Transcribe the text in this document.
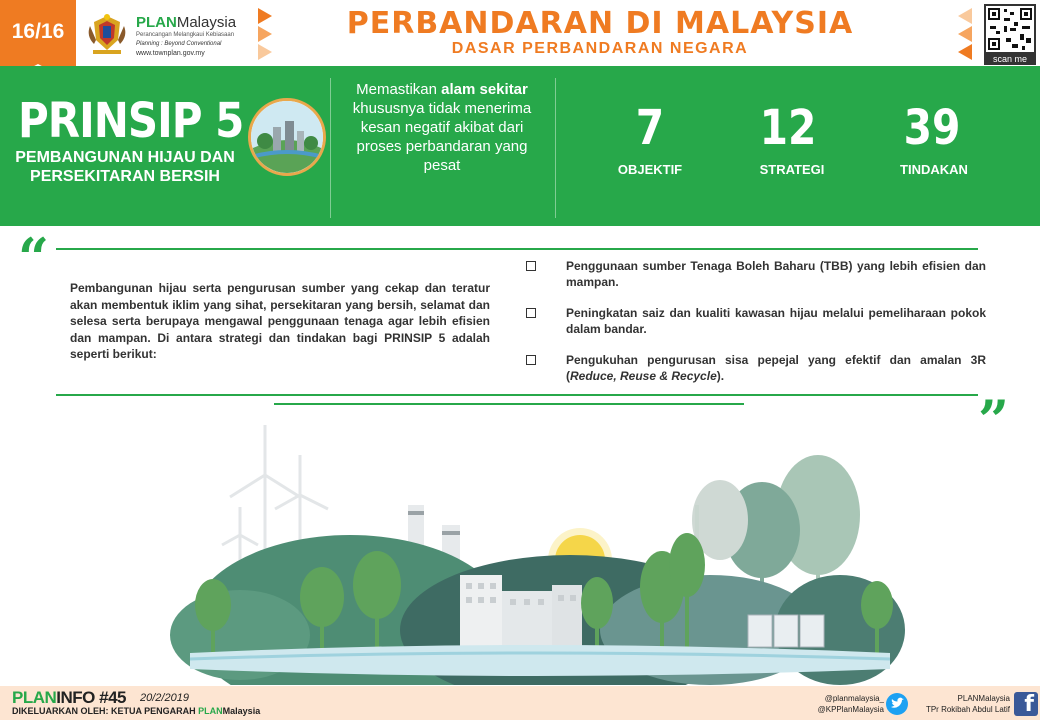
16/16	PLANMalaysia
Perancangan Melangkaui Kebiasaan
Planning : Beyond Conventional
www.townplan.gov.my
PERBANDARAN DI MALAYSIA
DASAR PERBANDARAN NEGARA
scan me
PRINSIP 5
PEMBANGUNAN HIJAU DAN PERSEKITARAN BERSIH
Memastikan alam sekitar khususnya tidak menerima kesan negatif akibat dari proses perbandaran yang pesat
7
OBJEKTIF
12
STRATEGI
39
TINDAKAN
“ Pembangunan hijau serta pengurusan sumber yang cekap dan teratur akan membentuk iklim yang sihat, persekitaran yang bersih, selamat dan selesa serta berupaya mengawal penggunaan tenaga agar lebih efisien dan mampan. Di antara strategi dan tindakan bagi PRINSIP 5 adalah seperti berikut:
Penggunaan sumber Tenaga Boleh Baharu (TBB) yang lebih efisien dan mampan.
Peningkatan saiz dan kualiti kawasan hijau melalui pemeliharaan pokok dalam bandar.
Pengukuhan pengurusan sisa pepejal yang efektif dan amalan 3R (Reduce, Reuse & Recycle).
”
PLANINFO #45 20/2/2019
DIKELUARKAN OLEH: KETUA PENGARAH PLANMalaysia
@planmalaysia_
@KPPlanMalaysia
PLANMalaysia
TPr Rokibah Abdul Latif f
